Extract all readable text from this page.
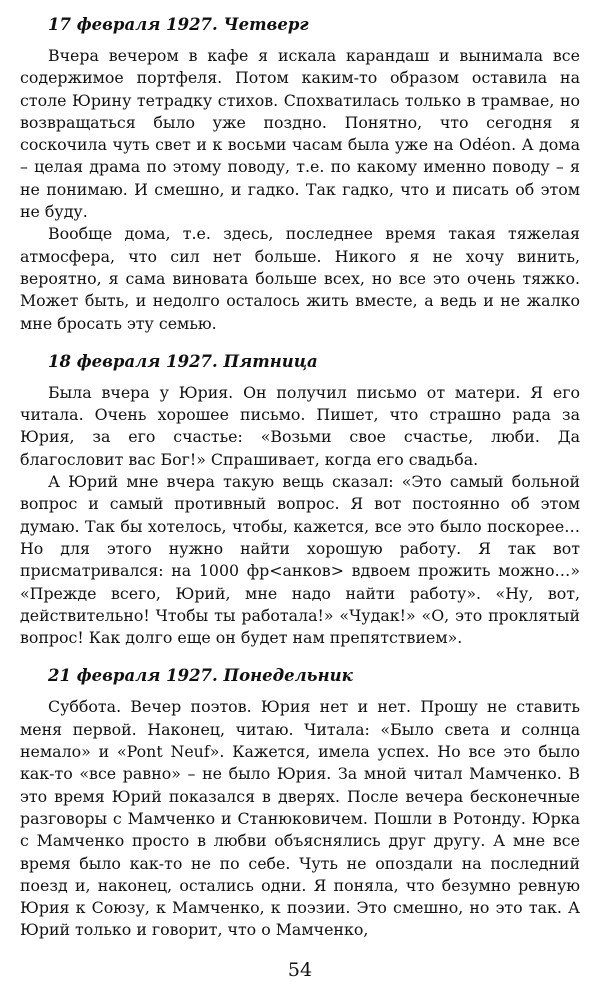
17 февраля 1927. Четверг

Вчера вечером в кафе я искала карандаш и вынимала все содержимое портфеля. Потом каким-то образом оставила на столе Юрину тетрадку стихов. Спохватилась только в трамвае, но возвращаться было уже поздно. Понятно, что сегодня я соскочила чуть свет и к восьми часам была уже на Odéon. А дома – целая драма по этому поводу, т.е. по какому именно поводу – я не понимаю. И смешно, и гадко. Так гадко, что и писать об этом не буду.

Вообще дома, т.е. здесь, последнее время такая тяжелая атмосфера, что сил нет больше. Никого я не хочу винить, вероятно, я сама виновата больше всех, но все это очень тяжко. Может быть, и недолго осталось жить вместе, а ведь и не жалко мне бросать эту семью.

18 февраля 1927. Пятница

Была вчера у Юрия. Он получил письмо от матери. Я его читала. Очень хорошее письмо. Пишет, что страшно рада за Юрия, за его счастье: «Возьми свое счастье, люби. Да благословит вас Бог!» Спрашивает, когда его свадьба.

А Юрий мне вчера такую вещь сказал: «Это самый больной вопрос и самый противный вопрос. Я вот постоянно об этом думаю. Так бы хотелось, чтобы, кажется, все это было поскорее… Но для этого нужно найти хорошую работу. Я так вот присматривался: на 1000 фр<анков> вдвоем прожить можно…» «Прежде всего, Юрий, мне надо найти работу». «Ну, вот, действительно! Чтобы ты работала!» «Чудак!» «О, это проклятый вопрос! Как долго еще он будет нам препятствием».

21 февраля 1927. Понедельник

Суббота. Вечер поэтов. Юрия нет и нет. Прошу не ставить меня первой. Наконец, читаю. Читала: «Было света и солнца немало» и «Pont Neuf». Кажется, имела успех. Но все это было как-то «все равно» – не было Юрия. За мной читал Мамченко. В это время Юрий показался в дверях. После вечера бесконечные разговоры с Мамченко и Станюковичем. Пошли в Ротонду. Юрка с Мамченко просто в любви объяснялись друг другу. А мне все время было как-то не по себе. Чуть не опоздали на последний поезд и, наконец, остались одни. Я поняла, что безумно ревную Юрия к Союзу, к Мамченко, к поэзии. Это смешно, но это так. А Юрий только и говорит, что о Мамченко,

54
